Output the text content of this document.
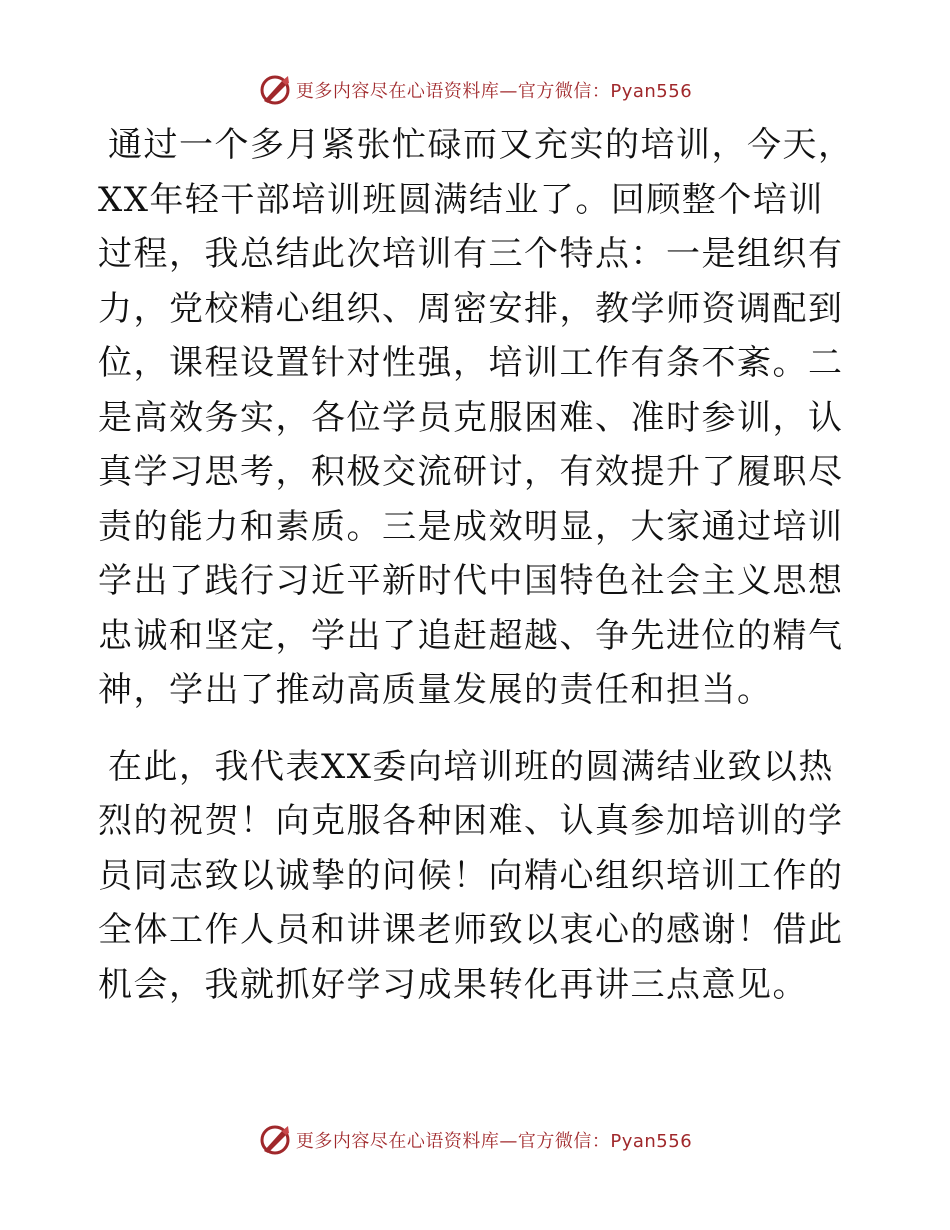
更多内容尽在心语资料库—官方微信：Pyan556

通过一个多月紧张忙碌而又充实的培训，今天，XX年轻干部培训班圆满结业了。回顾整个培训过程，我总结此次培训有三个特点：一是组织有力，党校精心组织、周密安排，教学师资调配到位，课程设置针对性强，培训工作有条不紊。二是高效务实，各位学员克服困难、准时参训，认真学习思考，积极交流研讨，有效提升了履职尽责的能力和素质。三是成效明显，大家通过培训学出了践行习近平新时代中国特色社会主义思想忠诚和坚定，学出了追赶超越、争先进位的精气神，学出了推动高质量发展的责任和担当。

在此，我代表XX委向培训班的圆满结业致以热烈的祝贺！向克服各种困难、认真参加培训的学员同志致以诚挚的问候！向精心组织培训工作的全体工作人员和讲课老师致以衷心的感谢！借此机会，我就抓好学习成果转化再讲三点意见。

更多内容尽在心语资料库—官方微信：Pyan556
